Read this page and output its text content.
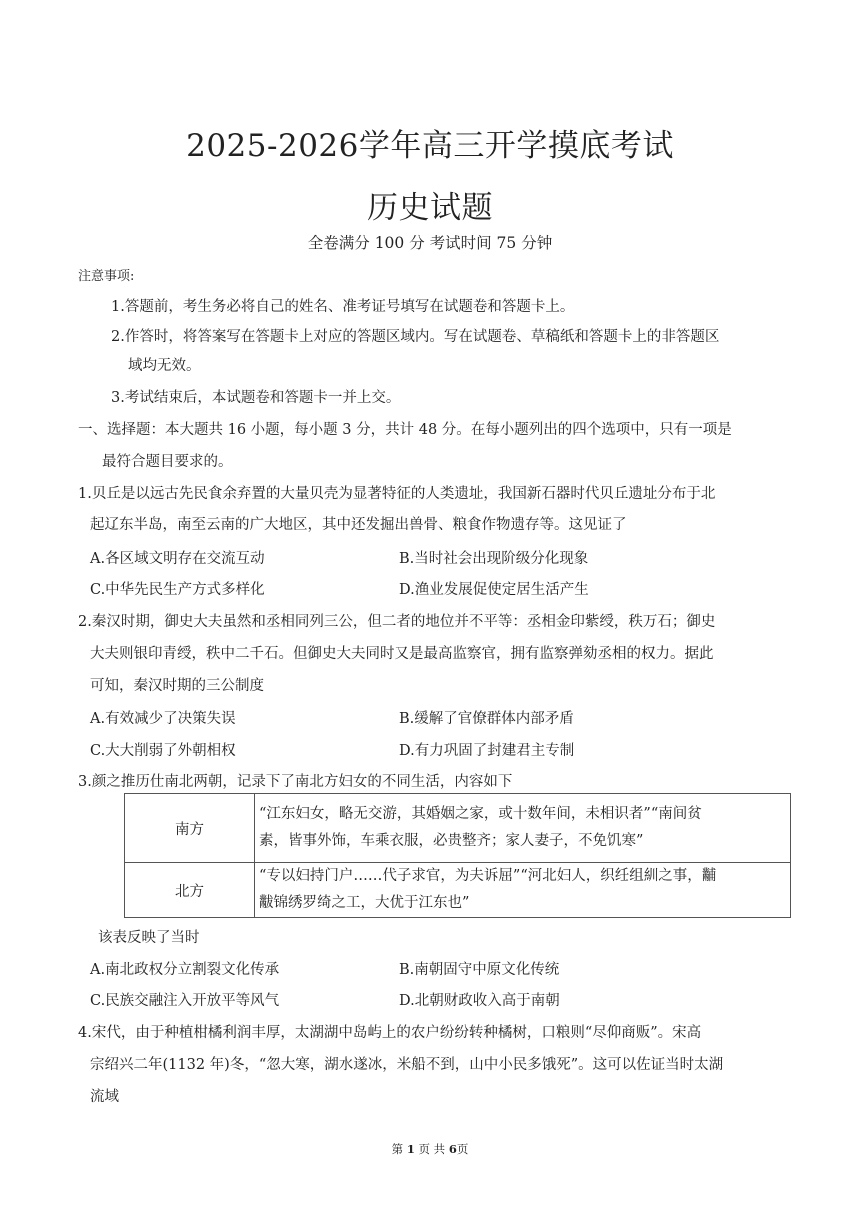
2025-2026学年高三开学摸底考试
历史试题
全卷满分 100 分 考试时间 75 分钟
注意事项:
1.答题前，考生务必将自己的姓名、准考证号填写在试题卷和答题卡上。
2.作答时，将答案写在答题卡上对应的答题区域内。写在试题卷、草稿纸和答题卡上的非答题区
域均无效。
3.考试结束后，本试题卷和答题卡一并上交。
一、选择题：本大题共 16 小题，每小题 3 分，共计 48 分。在每小题列出的四个选项中，只有一项是
最符合题目要求的。
1.贝丘是以远古先民食余弃置的大量贝壳为显著特征的人类遗址，我国新石器时代贝丘遗址分布于北
起辽东半岛，南至云南的广大地区，其中还发掘出兽骨、粮食作物遗存等。这见证了
A.各区域文明存在交流互动	B.当时社会出现阶级分化现象
C.中华先民生产方式多样化	D.渔业发展促使定居生活产生
2.秦汉时期，御史大夫虽然和丞相同列三公，但二者的地位并不平等：丞相金印紫绶，秩万石；御史
大夫则银印青绶，秩中二千石。但御史大夫同时又是最高监察官，拥有监察弹劾丞相的权力。据此
可知，秦汉时期的三公制度
A.有效减少了决策失误	B.缓解了官僚群体内部矛盾
C.大大削弱了外朝相权	D.有力巩固了封建君主专制
3.颜之推历仕南北两朝，记录下了南北方妇女的不同生活，内容如下
南方	“江东妇女，略无交游，其婚姻之家，或十数年间，未相识者”“南间贫

素，皆事外饰，车乘衣服，必贵整齐；家人妻子，不免饥寒”

北方	“专以妇持门户……代子求官，为夫诉屈”“河北妇人，织纴组紃之事，黼

黻锦绣罗绮之工，大优于江东也”

该表反映了当时
A.南北政权分立割裂文化传承	B.南朝固守中原文化传统
C.民族交融注入开放平等风气	D.北朝财政收入高于南朝
4.宋代，由于种植柑橘利润丰厚，太湖湖中岛屿上的农户纷纷转种橘树，口粮则“尽仰商贩”。宋高
宗绍兴二年(1132 年)冬，“忽大寒，湖水遂冰，米船不到，山中小民多饿死”。这可以佐证当时太湖
流域
第 1 页 共 6页
